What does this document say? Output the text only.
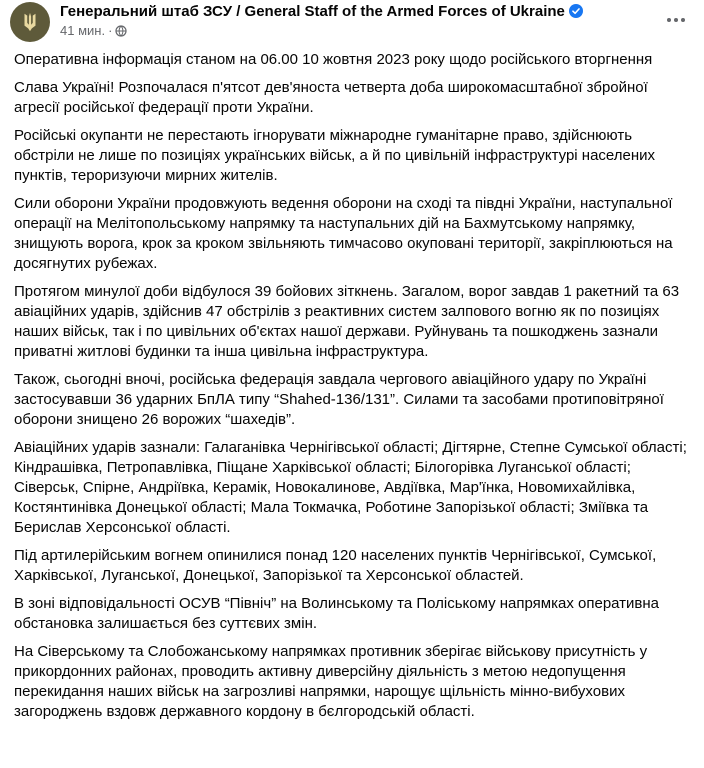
Генеральний штаб ЗСУ / General Staff of the Armed Forces of Ukraine
41 мин. ·

Оперативна інформація станом на 06.00 10 жовтня 2023 року щодо російського вторгнення

Слава Україні! Розпочалася п'ятсот дев'яноста четверта доба широкомасштабної збройної агресії російської федерації проти України.

Російські окупанти не перестають ігнорувати міжнародне гуманітарне право, здійснюють обстріли не лише по позиціях українських військ, а й по цивільній інфраструктурі населених пунктів, тероризуючи мирних жителів.

Сили оборони України продовжують ведення оборони на сході та півдні України, наступальної операції на Мелітопольському напрямку та наступальних дій на Бахмутському напрямку, знищують ворога, крок за кроком звільняють тимчасово окуповані території, закріплюються на досягнутих рубежах.

Протягом минулої доби відбулося 39 бойових зіткнень. Загалом, ворог завдав 1 ракетний та 63 авіаційних ударів, здійснив 47 обстрілів з реактивних систем залпового вогню як по позиціях наших військ, так і по цивільних об'єктах нашої держави. Руйнувань та пошкоджень зазнали приватні житлові будинки та інша цивільна інфраструктура.

Також, сьогодні вночі, російська федерація завдала чергового авіаційного удару по Україні застосувавши 36 ударних БпЛА типу “Shahed-136/131”. Силами та засобами протиповітряної оборони знищено 26 ворожих “шахедів”.

Авіаційних ударів зазнали: Галаганівка Чернігівської області; Дігтярне, Степне Сумської області; Кіндрашівка, Петропавлівка, Піщане Харківської області; Білогорівка Луганської області; Сіверськ, Спірне, Андріївка, Керамік, Новокалинове, Авдіївка, Мар'їнка, Новомихайлівка, Костянтинівка Донецької області; Мала Токмачка, Роботине Запорізької області; Зміївка та Берислав Херсонської області.

Під артилерійським вогнем опинилися понад 120 населених пунктів Чернігівської, Сумської, Харківської, Луганської, Донецької, Запорізької та Херсонської областей.

В зоні відповідальності ОСУВ “Північ” на Волинському та Поліському напрямках оперативна обстановка залишається без суттєвих змін.

На Сіверському та Слобожанському напрямках противник зберігає військову присутність у прикордонних районах, проводить активну диверсійну діяльність з метою недопущення перекидання наших військ на загрозливі напрямки, нарощує щільність мінно-вибухових загороджень вздовж державного кордону в бєлгородській області.
